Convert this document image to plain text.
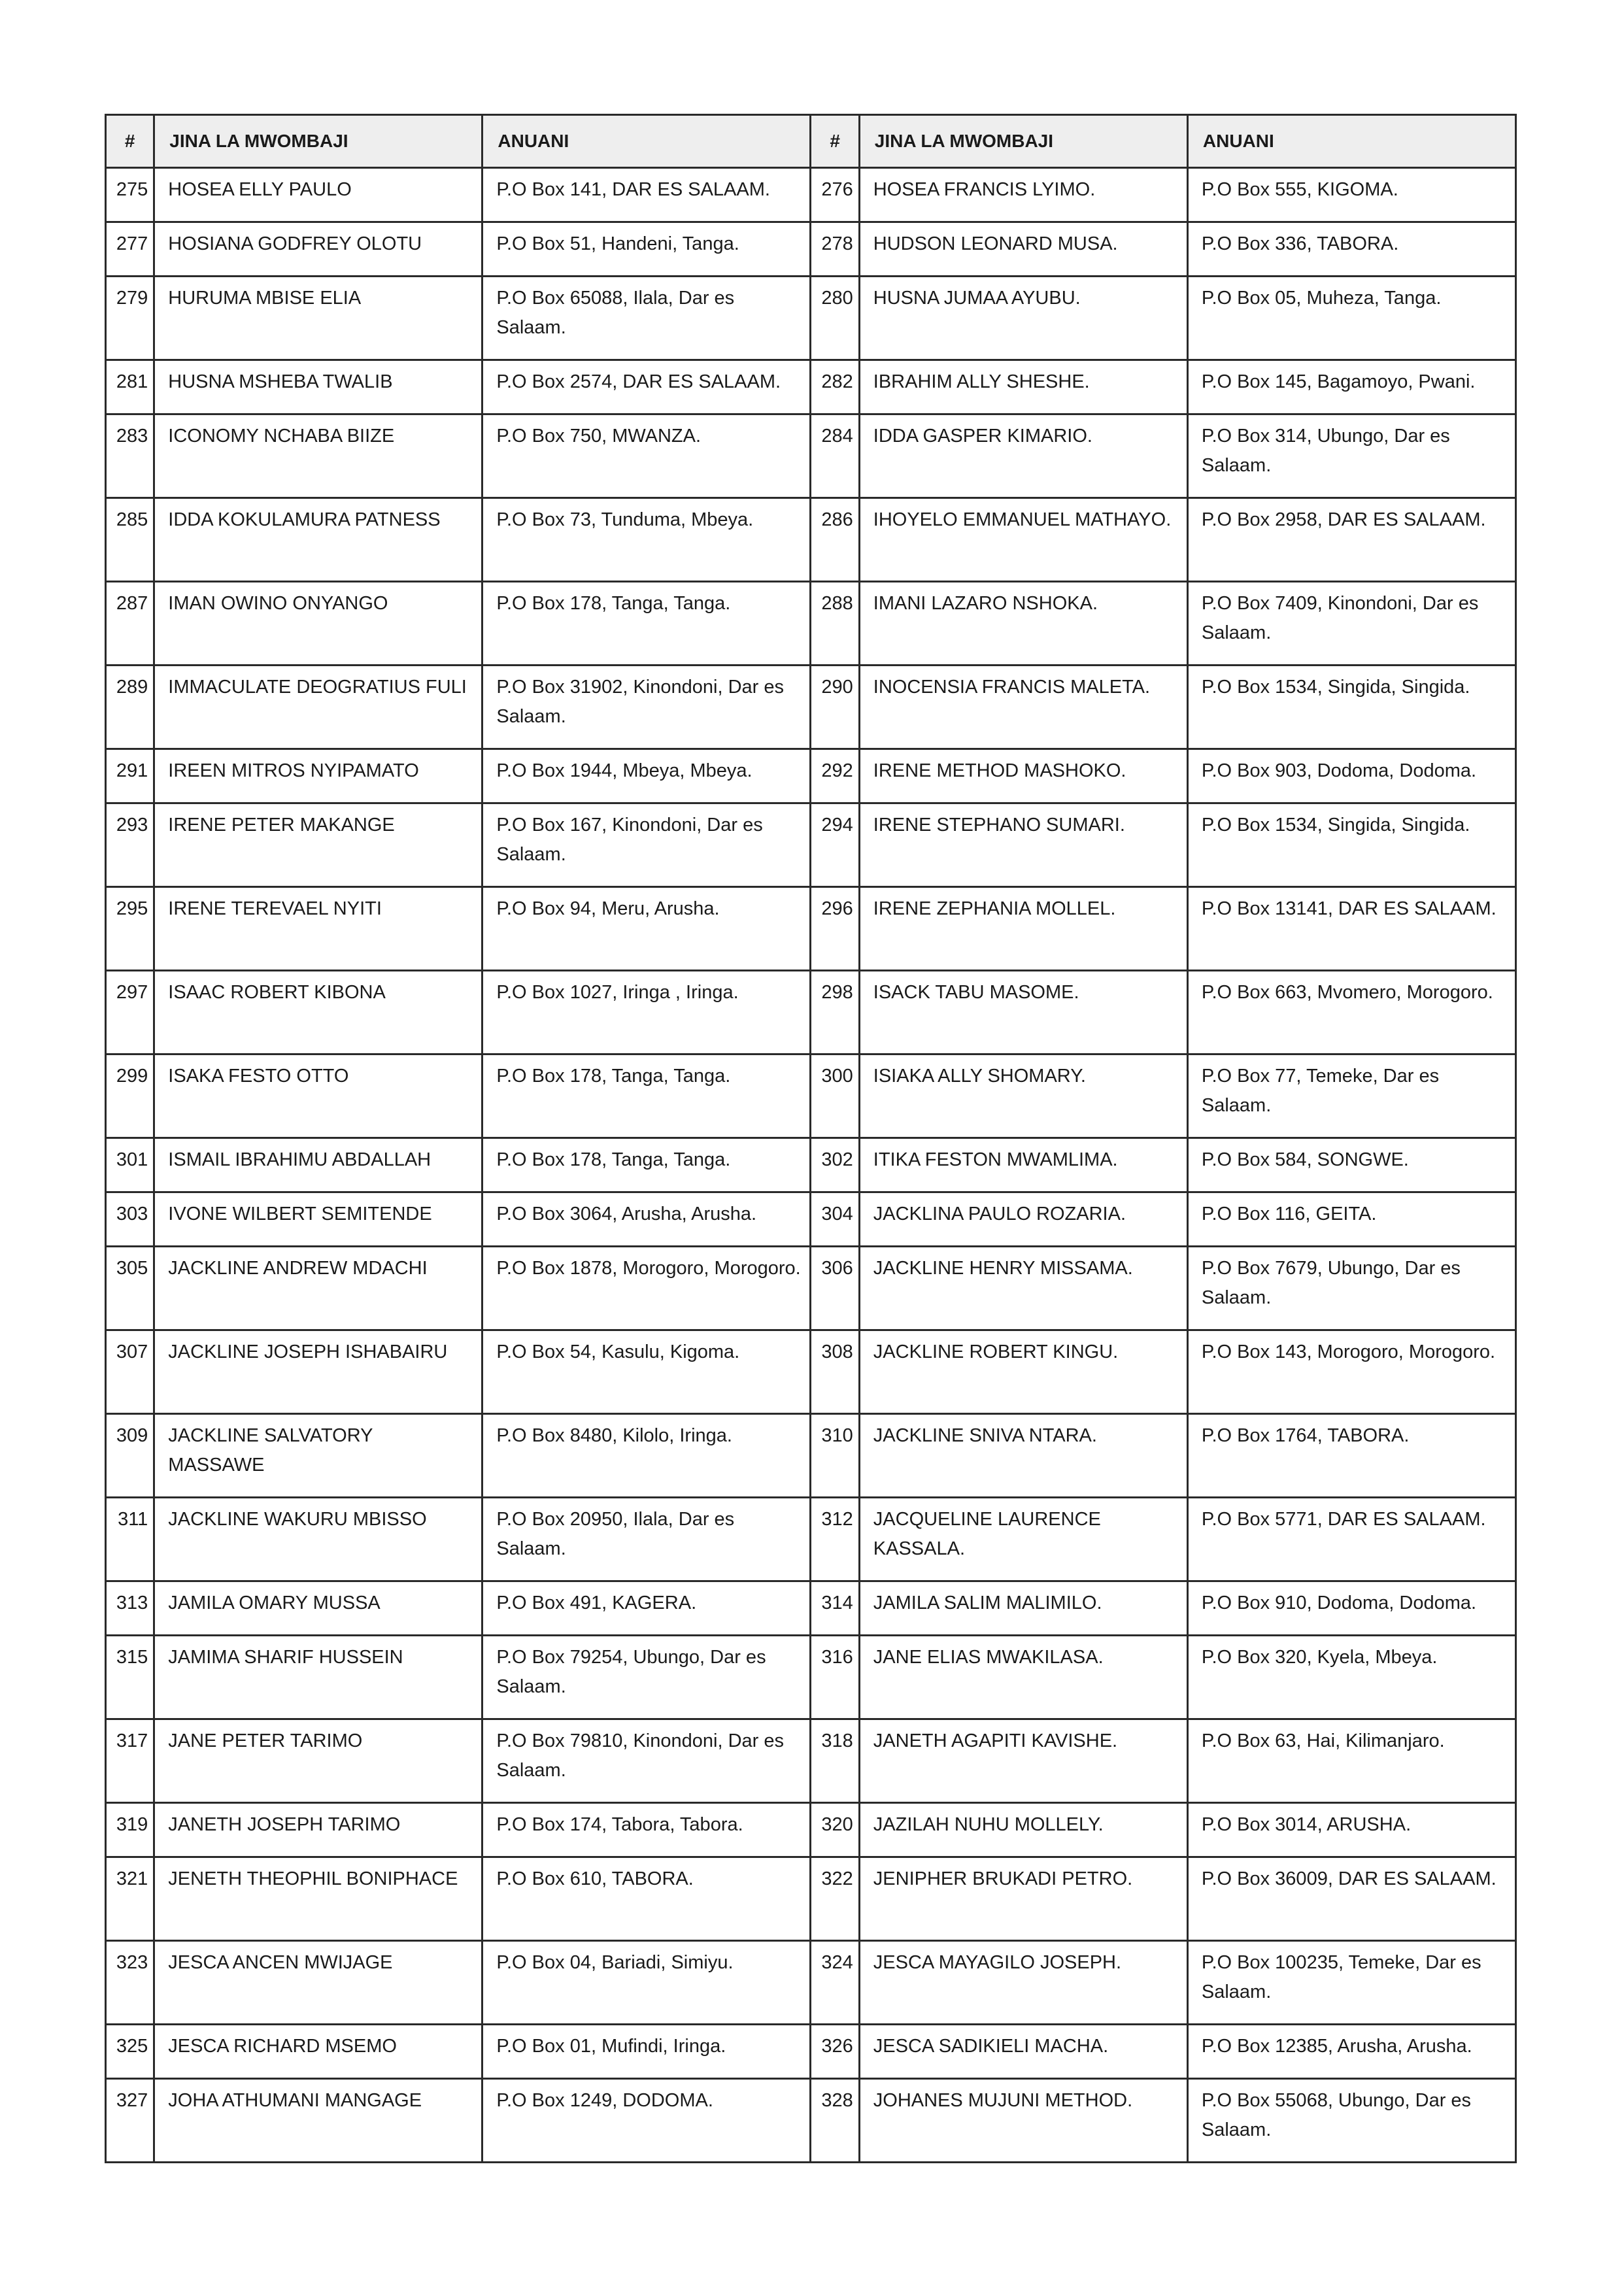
#	JINA LA MWOMBAJI	ANUANI	#	JINA LA MWOMBAJI	ANUANI
275	HOSEA ELLY PAULO	P.O Box 141, DAR ES SALAAM.	276	HOSEA FRANCIS LYIMO.	P.O Box 555, KIGOMA.
277	HOSIANA GODFREY OLOTU	P.O Box 51, Handeni, Tanga.	278	HUDSON LEONARD MUSA.	P.O Box 336, TABORA.
279	HURUMA MBISE ELIA	P.O Box 65088, Ilala, Dar es Salaam.	280	HUSNA JUMAA AYUBU.	P.O Box 05, Muheza, Tanga.
281	HUSNA MSHEBA TWALIB	P.O Box 2574, DAR ES SALAAM.	282	IBRAHIM ALLY SHESHE.	P.O Box 145, Bagamoyo, Pwani.
283	ICONOMY NCHABA BIIZE	P.O Box 750, MWANZA.	284	IDDA GASPER KIMARIO.	P.O Box 314, Ubungo, Dar es Salaam.
285	IDDA KOKULAMURA PATNESS	P.O Box 73, Tunduma, Mbeya.	286	IHOYELO EMMANUEL MATHAYO.	P.O Box 2958, DAR ES SALAAM.
287	IMAN OWINO ONYANGO	P.O Box 178, Tanga, Tanga.	288	IMANI LAZARO NSHOKA.	P.O Box 7409, Kinondoni, Dar es Salaam.
289	IMMACULATE DEOGRATIUS FULI	P.O Box 31902, Kinondoni, Dar es Salaam.	290	INOCENSIA FRANCIS MALETA.	P.O Box 1534, Singida, Singida.
291	IREEN MITROS NYIPAMATO	P.O Box 1944, Mbeya, Mbeya.	292	IRENE METHOD MASHOKO.	P.O Box 903, Dodoma, Dodoma.
293	IRENE PETER MAKANGE	P.O Box 167, Kinondoni, Dar es Salaam.	294	IRENE STEPHANO SUMARI.	P.O Box 1534, Singida, Singida.
295	IRENE TEREVAEL NYITI	P.O Box 94, Meru, Arusha.	296	IRENE ZEPHANIA MOLLEL.	P.O Box 13141, DAR ES SALAAM.
297	ISAAC ROBERT KIBONA	P.O Box 1027, Iringa , Iringa.	298	ISACK TABU MASOME.	P.O Box 663, Mvomero, Morogoro.
299	ISAKA FESTO OTTO	P.O Box 178, Tanga, Tanga.	300	ISIAKA ALLY SHOMARY.	P.O Box 77, Temeke, Dar es Salaam.
301	ISMAIL IBRAHIMU ABDALLAH	P.O Box 178, Tanga, Tanga.	302	ITIKA FESTON MWAMLIMA.	P.O Box 584, SONGWE.
303	IVONE WILBERT SEMITENDE	P.O Box 3064, Arusha, Arusha.	304	JACKLINA PAULO ROZARIA.	P.O Box 116, GEITA.
305	JACKLINE ANDREW MDACHI	P.O Box 1878, Morogoro, Morogoro.	306	JACKLINE HENRY MISSAMA.	P.O Box 7679, Ubungo, Dar es Salaam.
307	JACKLINE JOSEPH ISHABAIRU	P.O Box 54, Kasulu, Kigoma.	308	JACKLINE ROBERT KINGU.	P.O Box 143, Morogoro, Morogoro.
309	JACKLINE SALVATORY MASSAWE	P.O Box 8480, Kilolo, Iringa.	310	JACKLINE SNIVA NTARA.	P.O Box 1764, TABORA.
311	JACKLINE WAKURU MBISSO	P.O Box 20950, Ilala, Dar es Salaam.	312	JACQUELINE LAURENCE KASSALA.	P.O Box 5771, DAR ES SALAAM.
313	JAMILA OMARY MUSSA	P.O Box 491, KAGERA.	314	JAMILA SALIM MALIMILO.	P.O Box 910, Dodoma, Dodoma.
315	JAMIMA SHARIF HUSSEIN	P.O Box 79254, Ubungo, Dar es Salaam.	316	JANE ELIAS MWAKILASA.	P.O Box 320, Kyela, Mbeya.
317	JANE PETER TARIMO	P.O Box 79810, Kinondoni, Dar es Salaam.	318	JANETH AGAPITI KAVISHE.	P.O Box 63, Hai, Kilimanjaro.
319	JANETH JOSEPH TARIMO	P.O Box 174, Tabora, Tabora.	320	JAZILAH NUHU MOLLELY.	P.O Box 3014, ARUSHA.
321	JENETH THEOPHIL BONIPHACE	P.O Box 610, TABORA.	322	JENIPHER BRUKADI PETRO.	P.O Box 36009, DAR ES SALAAM.
323	JESCA ANCEN MWIJAGE	P.O Box 04, Bariadi, Simiyu.	324	JESCA MAYAGILO JOSEPH.	P.O Box 100235, Temeke, Dar es Salaam.
325	JESCA RICHARD MSEMO	P.O Box 01, Mufindi, Iringa.	326	JESCA SADIKIELI MACHA.	P.O Box 12385, Arusha, Arusha.
327	JOHA ATHUMANI MANGAGE	P.O Box 1249, DODOMA.	328	JOHANES MUJUNI METHOD.	P.O Box 55068, Ubungo, Dar es Salaam.
